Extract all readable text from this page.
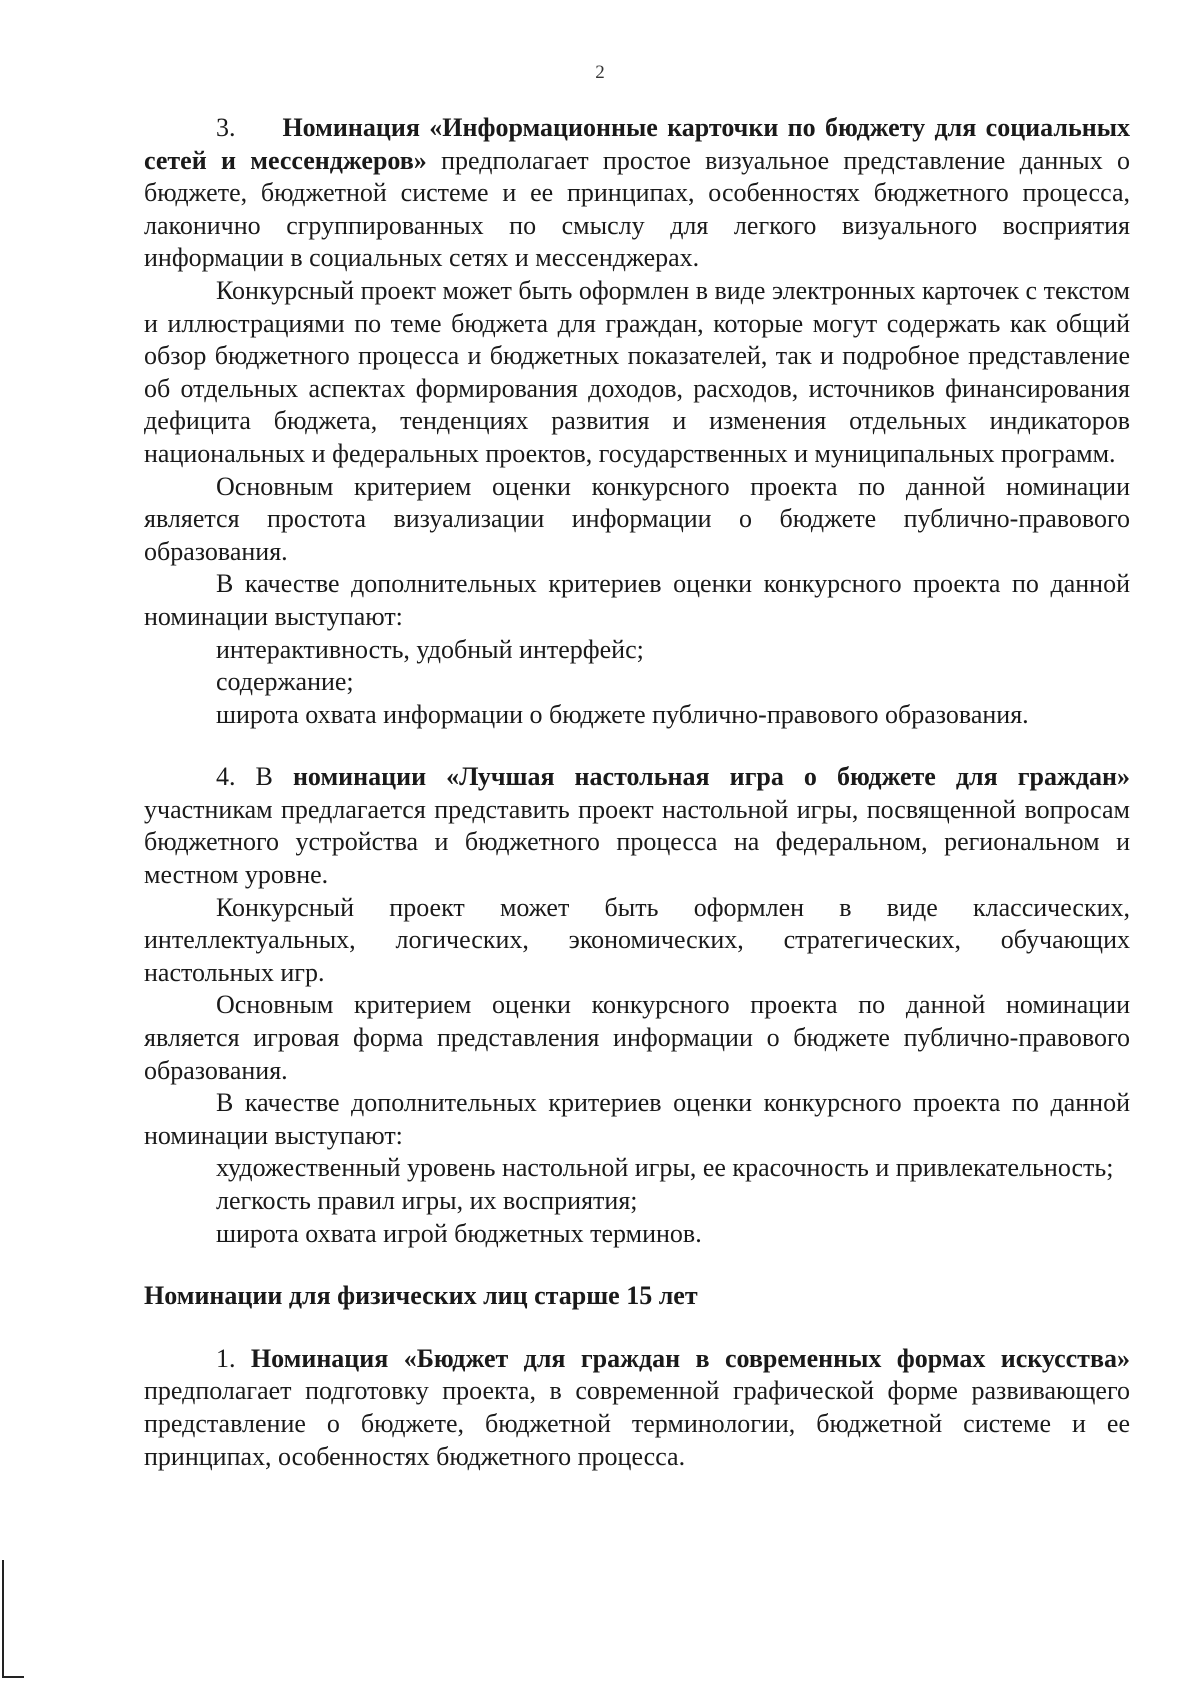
2

3. Номинация «Информационные карточки по бюджету для социальных сетей и мессенджеров» предполагает простое визуальное представление данных о бюджете, бюджетной системе и ее принципах, особенностях бюджетного процесса, лаконично сгруппированных по смыслу для легкого визуального восприятия информации в социальных сетях и мессенджерах.

Конкурсный проект может быть оформлен в виде электронных карточек с текстом и иллюстрациями по теме бюджета для граждан, которые могут содержать как общий обзор бюджетного процесса и бюджетных показателей, так и подробное представление об отдельных аспектах формирования доходов, расходов, источников финансирования дефицита бюджета, тенденциях развития и изменения отдельных индикаторов национальных и федеральных проектов, государственных и муниципальных программ.

Основным критерием оценки конкурсного проекта по данной номинации является простота визуализации информации о бюджете публично-правового образования.

В качестве дополнительных критериев оценки конкурсного проекта по данной номинации выступают:

интерактивность, удобный интерфейс;

содержание;

широта охвата информации о бюджете публично-правового образования.

4. В номинации «Лучшая настольная игра о бюджете для граждан» участникам предлагается представить проект настольной игры, посвященной вопросам бюджетного устройства и бюджетного процесса на федеральном, региональном и местном уровне.

Конкурсный проект может быть оформлен в виде классических, интеллектуальных, логических, экономических, стратегических, обучающих настольных игр.

Основным критерием оценки конкурсного проекта по данной номинации является игровая форма представления информации о бюджете публично-правового образования.

В качестве дополнительных критериев оценки конкурсного проекта по данной номинации выступают:

художественный уровень настольной игры, ее красочность и привлекательность;

легкость правил игры, их восприятия;

широта охвата игрой бюджетных терминов.

Номинации для физических лиц старше 15 лет

1. Номинация «Бюджет для граждан в современных формах искусства» предполагает подготовку проекта, в современной графической форме развивающего представление о бюджете, бюджетной терминологии, бюджетной системе и ее принципах, особенностях бюджетного процесса.
